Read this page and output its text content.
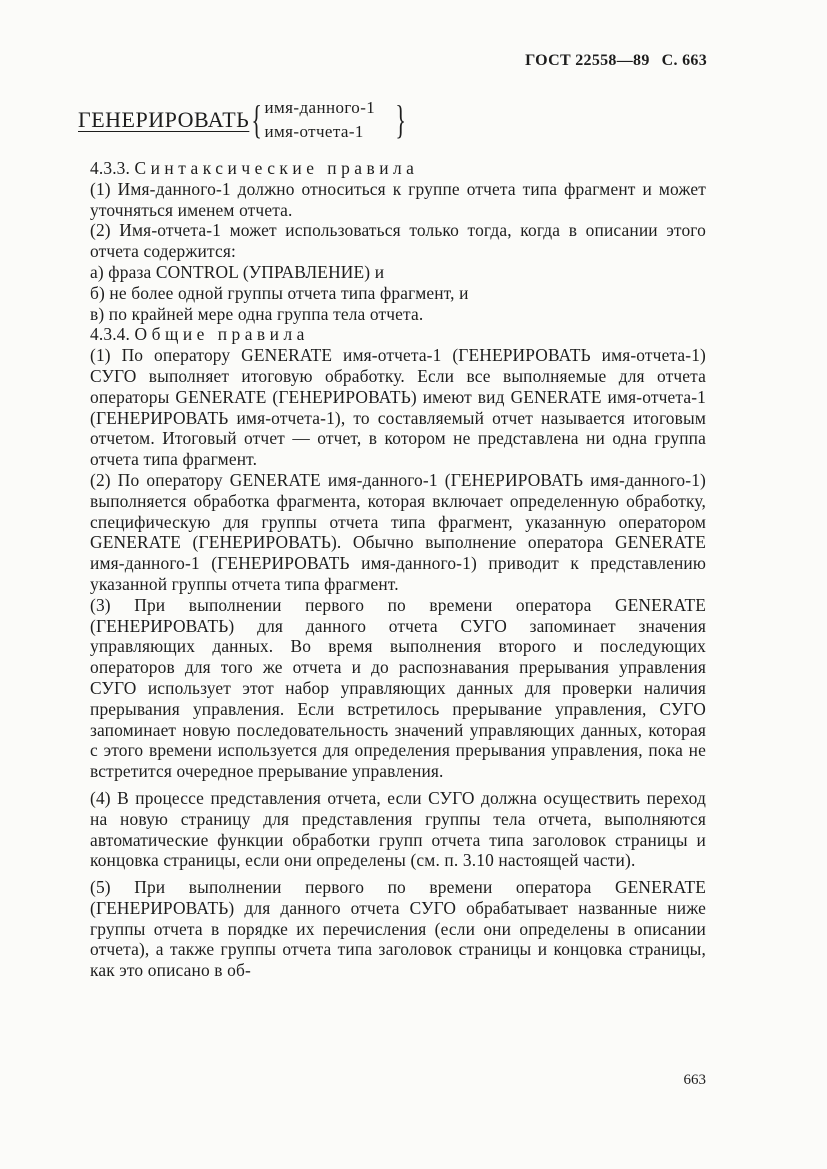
ГОСТ 22558—89 С. 663
ГЕНЕРИРОВАТЬ { имя-данного-1
имя-отчета-1 }

4.3.3. Синтаксические правила

(1) Имя-данного-1 должно относиться к группе отчета типа фрагмент и может уточняться именем отчета.

(2) Имя-отчета-1 может использоваться только тогда, когда в описании этого отчета содержится:

а) фраза CONTROL (УПРАВЛЕНИЕ) и

б) не более одной группы отчета типа фрагмент, и

в) по крайней мере одна группа тела отчета.

4.3.4. Общие правила

(1) По оператору GENERATE имя-отчета-1 (ГЕНЕРИРОВАТЬ имя-отчета-1) СУГО выполняет итоговую обработку. Если все выполняемые для отчета операторы GENERATE (ГЕНЕРИРОВАТЬ) имеют вид GENERATE имя-отчета-1 (ГЕНЕРИРОВАТЬ имя-отчета-1), то составляемый отчет называется итоговым отчетом. Итоговый отчет — отчет, в котором не представлена ни одна группа отчета типа фрагмент.

(2) По оператору GENERATE имя-данного-1 (ГЕНЕРИРОВАТЬ имя-данного-1) выполняется обработка фрагмента, которая включает определенную обработку, специфическую для группы отчета типа фрагмент, указанную оператором GENERATE (ГЕНЕРИРОВАТЬ). Обычно выполнение оператора GENERATE имя-данного-1 (ГЕНЕРИРОВАТЬ имя-данного-1) приводит к представлению указанной группы отчета типа фрагмент.

(3) При выполнении первого по времени оператора GENERATE (ГЕНЕРИРОВАТЬ) для данного отчета СУГО запоминает значения управляющих данных. Во время выполнения второго и последующих операторов для того же отчета и до распознавания прерывания управления СУГО использует этот набор управляющих данных для проверки наличия прерывания управления. Если встретилось прерывание управления, СУГО запоминает новую последовательность значений управляющих данных, которая с этого времени используется для определения прерывания управления, пока не встретится очередное прерывание управления.

(4) В процессе представления отчета, если СУГО должна осуществить переход на новую страницу для представления группы тела отчета, выполняются автоматические функции обработки групп отчета типа заголовок страницы и концовка страницы, если они определены (см. п. 3.10 настоящей части).

(5) При выполнении первого по времени оператора GENERATE (ГЕНЕРИРОВАТЬ) для данного отчета СУГО обрабатывает названные ниже группы отчета в порядке их перечисления (если они определены в описании отчета), а также группы отчета типа заголовок страницы и концовка страницы, как это описано в об-

663
